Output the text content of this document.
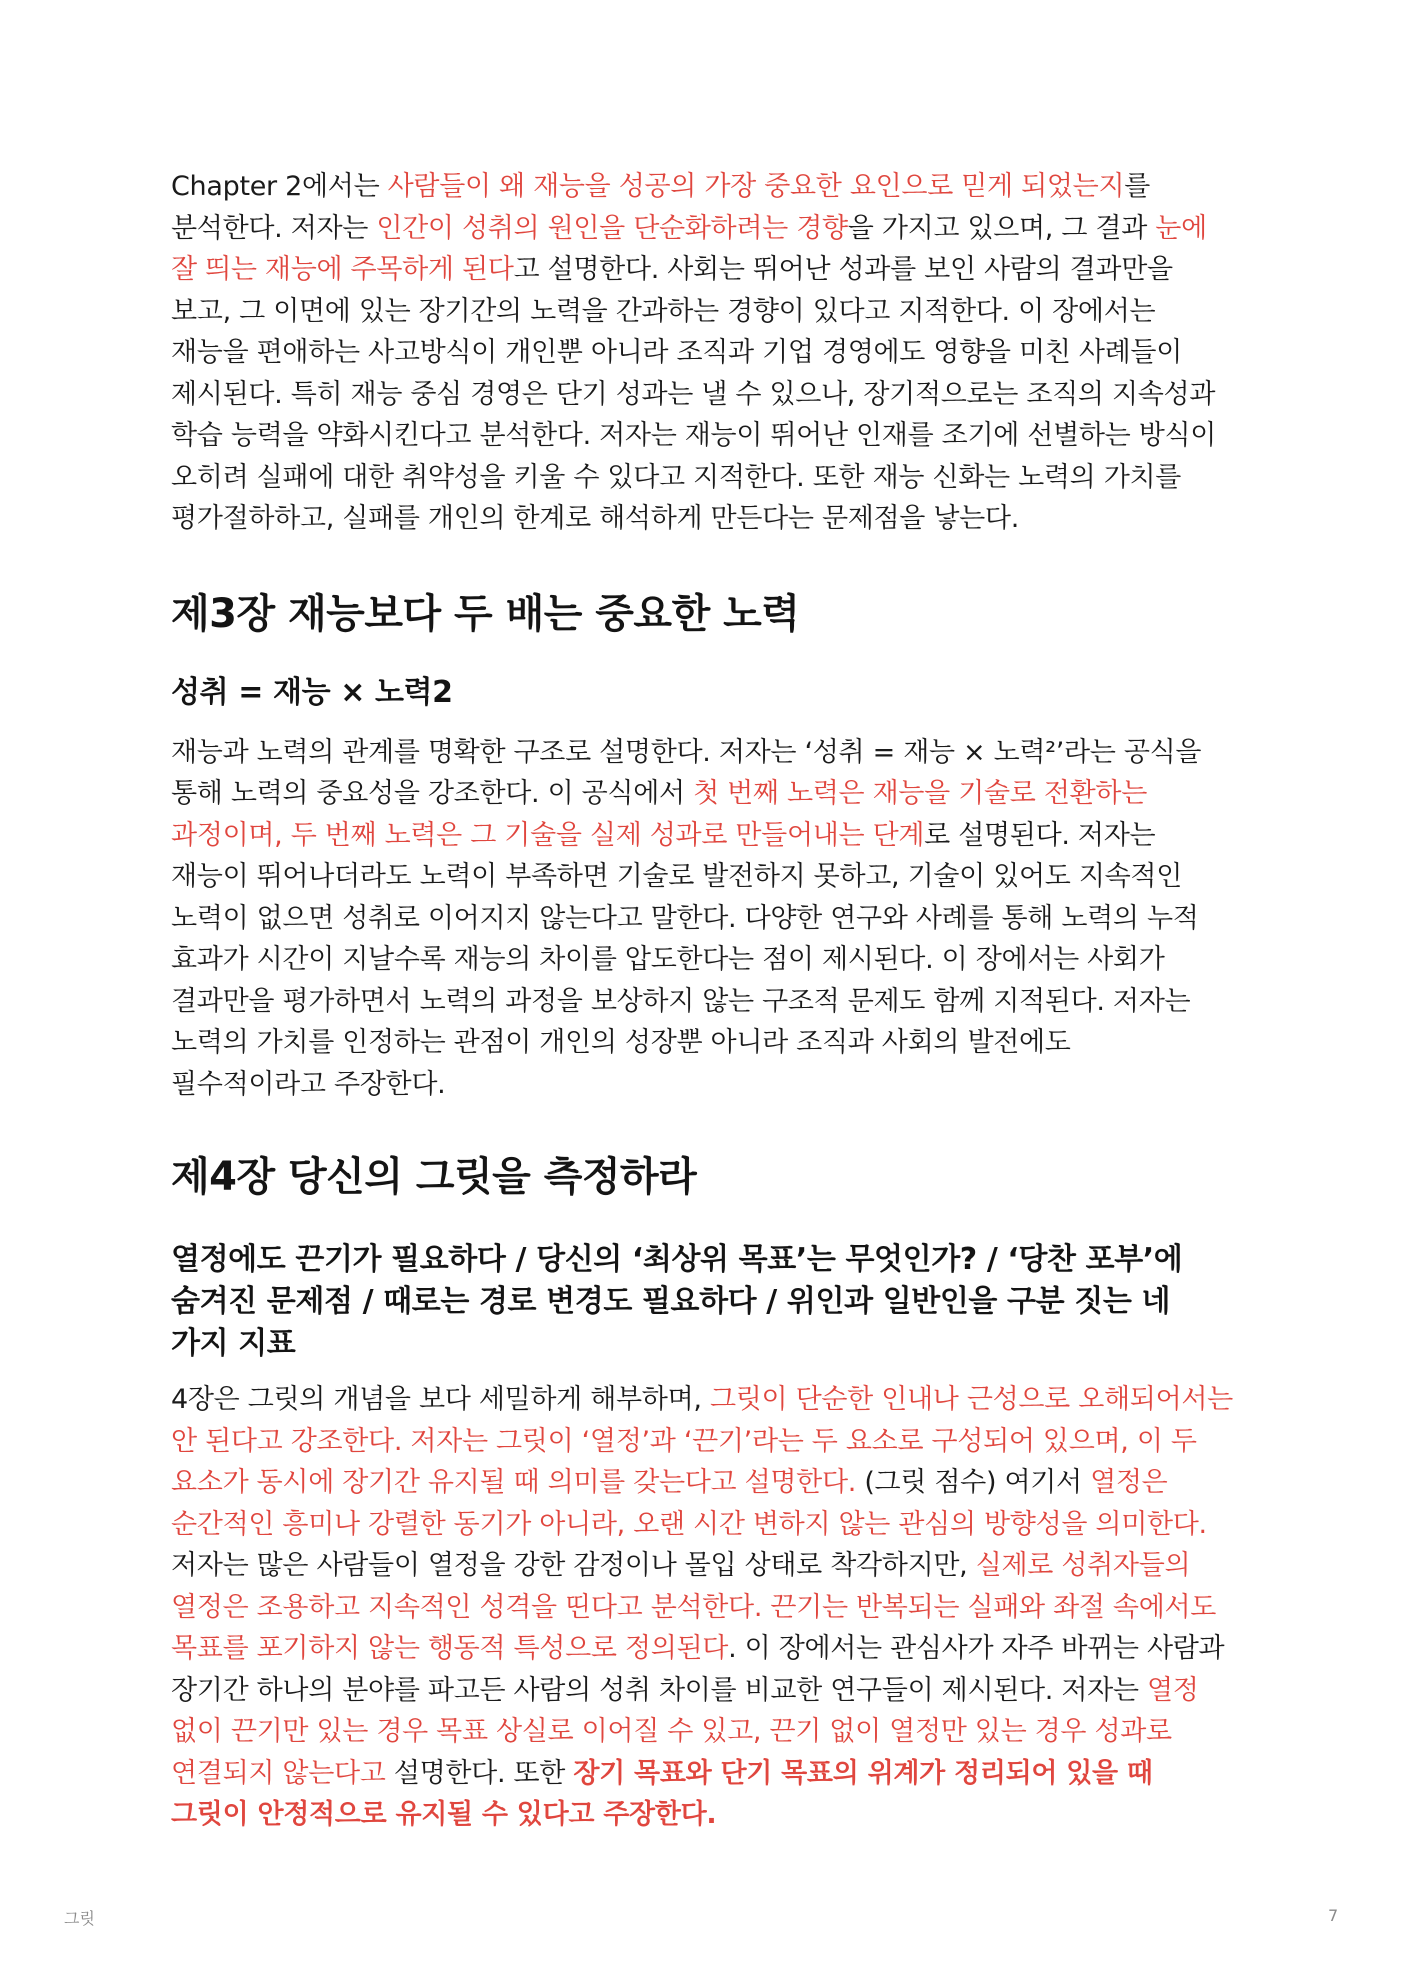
Chapter 2에서는 사람들이 왜 재능을 성공의 가장 중요한 요인으로 믿게 되었는지를 분석한다. 저자는 인간이 성취의 원인을 단순화하려는 경향을 가지고 있으며, 그 결과 눈에 잘 띄는 재능에 주목하게 된다고 설명한다. 사회는 뛰어난 성과를 보인 사람의 결과만을 보고, 그 이면에 있는 장기간의 노력을 간과하는 경향이 있다고 지적한다. 이 장에서는 재능을 편애하는 사고방식이 개인뿐 아니라 조직과 기업 경영에도 영향을 미친 사례들이 제시된다. 특히 재능 중심 경영은 단기 성과는 낼 수 있으나, 장기적으로는 조직의 지속성과 학습 능력을 약화시킨다고 분석한다. 저자는 재능이 뛰어난 인재를 조기에 선별하는 방식이 오히려 실패에 대한 취약성을 키울 수 있다고 지적한다. 또한 재능 신화는 노력의 가치를 평가절하하고, 실패를 개인의 한계로 해석하게 만든다는 문제점을 낳는다.

제3장 재능보다 두 배는 중요한 노력
성취 = 재능 × 노력2

재능과 노력의 관계를 명확한 구조로 설명한다. 저자는 ‘성취 = 재능 × 노력²’라는 공식을 통해 노력의 중요성을 강조한다. 이 공식에서 첫 번째 노력은 재능을 기술로 전환하는 과정이며, 두 번째 노력은 그 기술을 실제 성과로 만들어내는 단계로 설명된다. 저자는 재능이 뛰어나더라도 노력이 부족하면 기술로 발전하지 못하고, 기술이 있어도 지속적인 노력이 없으면 성취로 이어지지 않는다고 말한다. 다양한 연구와 사례를 통해 노력의 누적 효과가 시간이 지날수록 재능의 차이를 압도한다는 점이 제시된다. 이 장에서는 사회가 결과만을 평가하면서 노력의 과정을 보상하지 않는 구조적 문제도 함께 지적된다. 저자는 노력의 가치를 인정하는 관점이 개인의 성장뿐 아니라 조직과 사회의 발전에도 필수적이라고 주장한다.

제4장 당신의 그릿을 측정하라
열정에도 끈기가 필요하다 / 당신의 ‘최상위 목표’는 무엇인가? / ‘당찬 포부’에 숨겨진 문제점 / 때로는 경로 변경도 필요하다 / 위인과 일반인을 구분 짓는 네 가지 지표

4장은 그릿의 개념을 보다 세밀하게 해부하며, 그릿이 단순한 인내나 근성으로 오해되어서는 안 된다고 강조한다. 저자는 그릿이 ‘열정’과 ‘끈기’라는 두 요소로 구성되어 있으며, 이 두 요소가 동시에 장기간 유지될 때 의미를 갖는다고 설명한다. (그릿 점수) 여기서 열정은 순간적인 흥미나 강렬한 동기가 아니라, 오랜 시간 변하지 않는 관심의 방향성을 의미한다. 저자는 많은 사람들이 열정을 강한 감정이나 몰입 상태로 착각하지만, 실제로 성취자들의 열정은 조용하고 지속적인 성격을 띤다고 분석한다. 끈기는 반복되는 실패와 좌절 속에서도 목표를 포기하지 않는 행동적 특성으로 정의된다. 이 장에서는 관심사가 자주 바뀌는 사람과 장기간 하나의 분야를 파고든 사람의 성취 차이를 비교한 연구들이 제시된다. 저자는 열정 없이 끈기만 있는 경우 목표 상실로 이어질 수 있고, 끈기 없이 열정만 있는 경우 성과로 연결되지 않는다고 설명한다. 또한 장기 목표와 단기 목표의 위계가 정리되어 있을 때 그릿이 안정적으로 유지될 수 있다고 주장한다.

그릿	7
